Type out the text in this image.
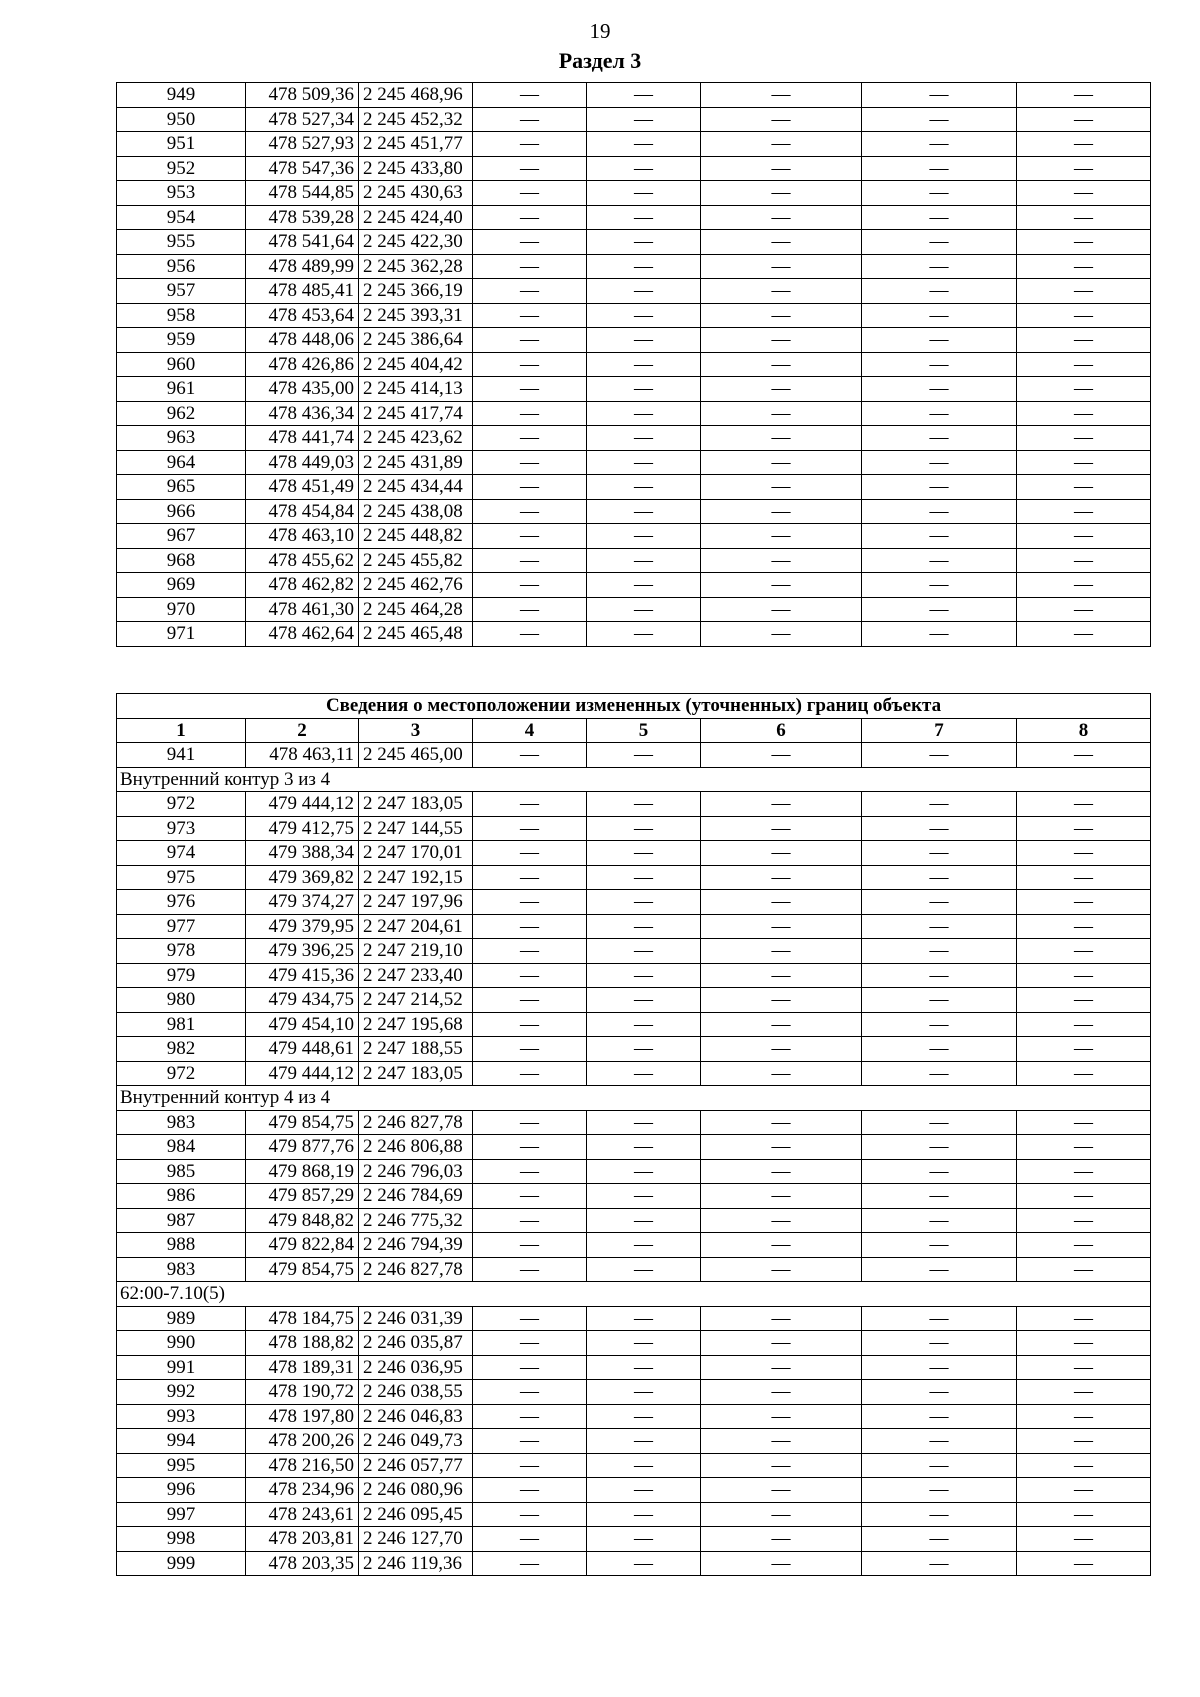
19
Раздел 3
949	478 509,36	2 245 468,96	—	—	—	—	—
950	478 527,34	2 245 452,32	—	—	—	—	—
951	478 527,93	2 245 451,77	—	—	—	—	—
952	478 547,36	2 245 433,80	—	—	—	—	—
953	478 544,85	2 245 430,63	—	—	—	—	—
954	478 539,28	2 245 424,40	—	—	—	—	—
955	478 541,64	2 245 422,30	—	—	—	—	—
956	478 489,99	2 245 362,28	—	—	—	—	—
957	478 485,41	2 245 366,19	—	—	—	—	—
958	478 453,64	2 245 393,31	—	—	—	—	—
959	478 448,06	2 245 386,64	—	—	—	—	—
960	478 426,86	2 245 404,42	—	—	—	—	—
961	478 435,00	2 245 414,13	—	—	—	—	—
962	478 436,34	2 245 417,74	—	—	—	—	—
963	478 441,74	2 245 423,62	—	—	—	—	—
964	478 449,03	2 245 431,89	—	—	—	—	—
965	478 451,49	2 245 434,44	—	—	—	—	—
966	478 454,84	2 245 438,08	—	—	—	—	—
967	478 463,10	2 245 448,82	—	—	—	—	—
968	478 455,62	2 245 455,82	—	—	—	—	—
969	478 462,82	2 245 462,76	—	—	—	—	—
970	478 461,30	2 245 464,28	—	—	—	—	—
971	478 462,64	2 245 465,48	—	—	—	—	—
Сведения о местоположении измененных (уточненных) границ объекта							
1	2	3	4	5	6	7	8
941	478 463,11	2 245 465,00	—	—	—	—	—
Внутренний контур 3 из 4							
972	479 444,12	2 247 183,05	—	—	—	—	—
973	479 412,75	2 247 144,55	—	—	—	—	—
974	479 388,34	2 247 170,01	—	—	—	—	—
975	479 369,82	2 247 192,15	—	—	—	—	—
976	479 374,27	2 247 197,96	—	—	—	—	—
977	479 379,95	2 247 204,61	—	—	—	—	—
978	479 396,25	2 247 219,10	—	—	—	—	—
979	479 415,36	2 247 233,40	—	—	—	—	—
980	479 434,75	2 247 214,52	—	—	—	—	—
981	479 454,10	2 247 195,68	—	—	—	—	—
982	479 448,61	2 247 188,55	—	—	—	—	—
972	479 444,12	2 247 183,05	—	—	—	—	—
Внутренний контур 4 из 4							
983	479 854,75	2 246 827,78	—	—	—	—	—
984	479 877,76	2 246 806,88	—	—	—	—	—
985	479 868,19	2 246 796,03	—	—	—	—	—
986	479 857,29	2 246 784,69	—	—	—	—	—
987	479 848,82	2 246 775,32	—	—	—	—	—
988	479 822,84	2 246 794,39	—	—	—	—	—
983	479 854,75	2 246 827,78	—	—	—	—	—
62:00-7.10(5)							
989	478 184,75	2 246 031,39	—	—	—	—	—
990	478 188,82	2 246 035,87	—	—	—	—	—
991	478 189,31	2 246 036,95	—	—	—	—	—
992	478 190,72	2 246 038,55	—	—	—	—	—
993	478 197,80	2 246 046,83	—	—	—	—	—
994	478 200,26	2 246 049,73	—	—	—	—	—
995	478 216,50	2 246 057,77	—	—	—	—	—
996	478 234,96	2 246 080,96	—	—	—	—	—
997	478 243,61	2 246 095,45	—	—	—	—	—
998	478 203,81	2 246 127,70	—	—	—	—	—
999	478 203,35	2 246 119,36	—	—	—	—	—
